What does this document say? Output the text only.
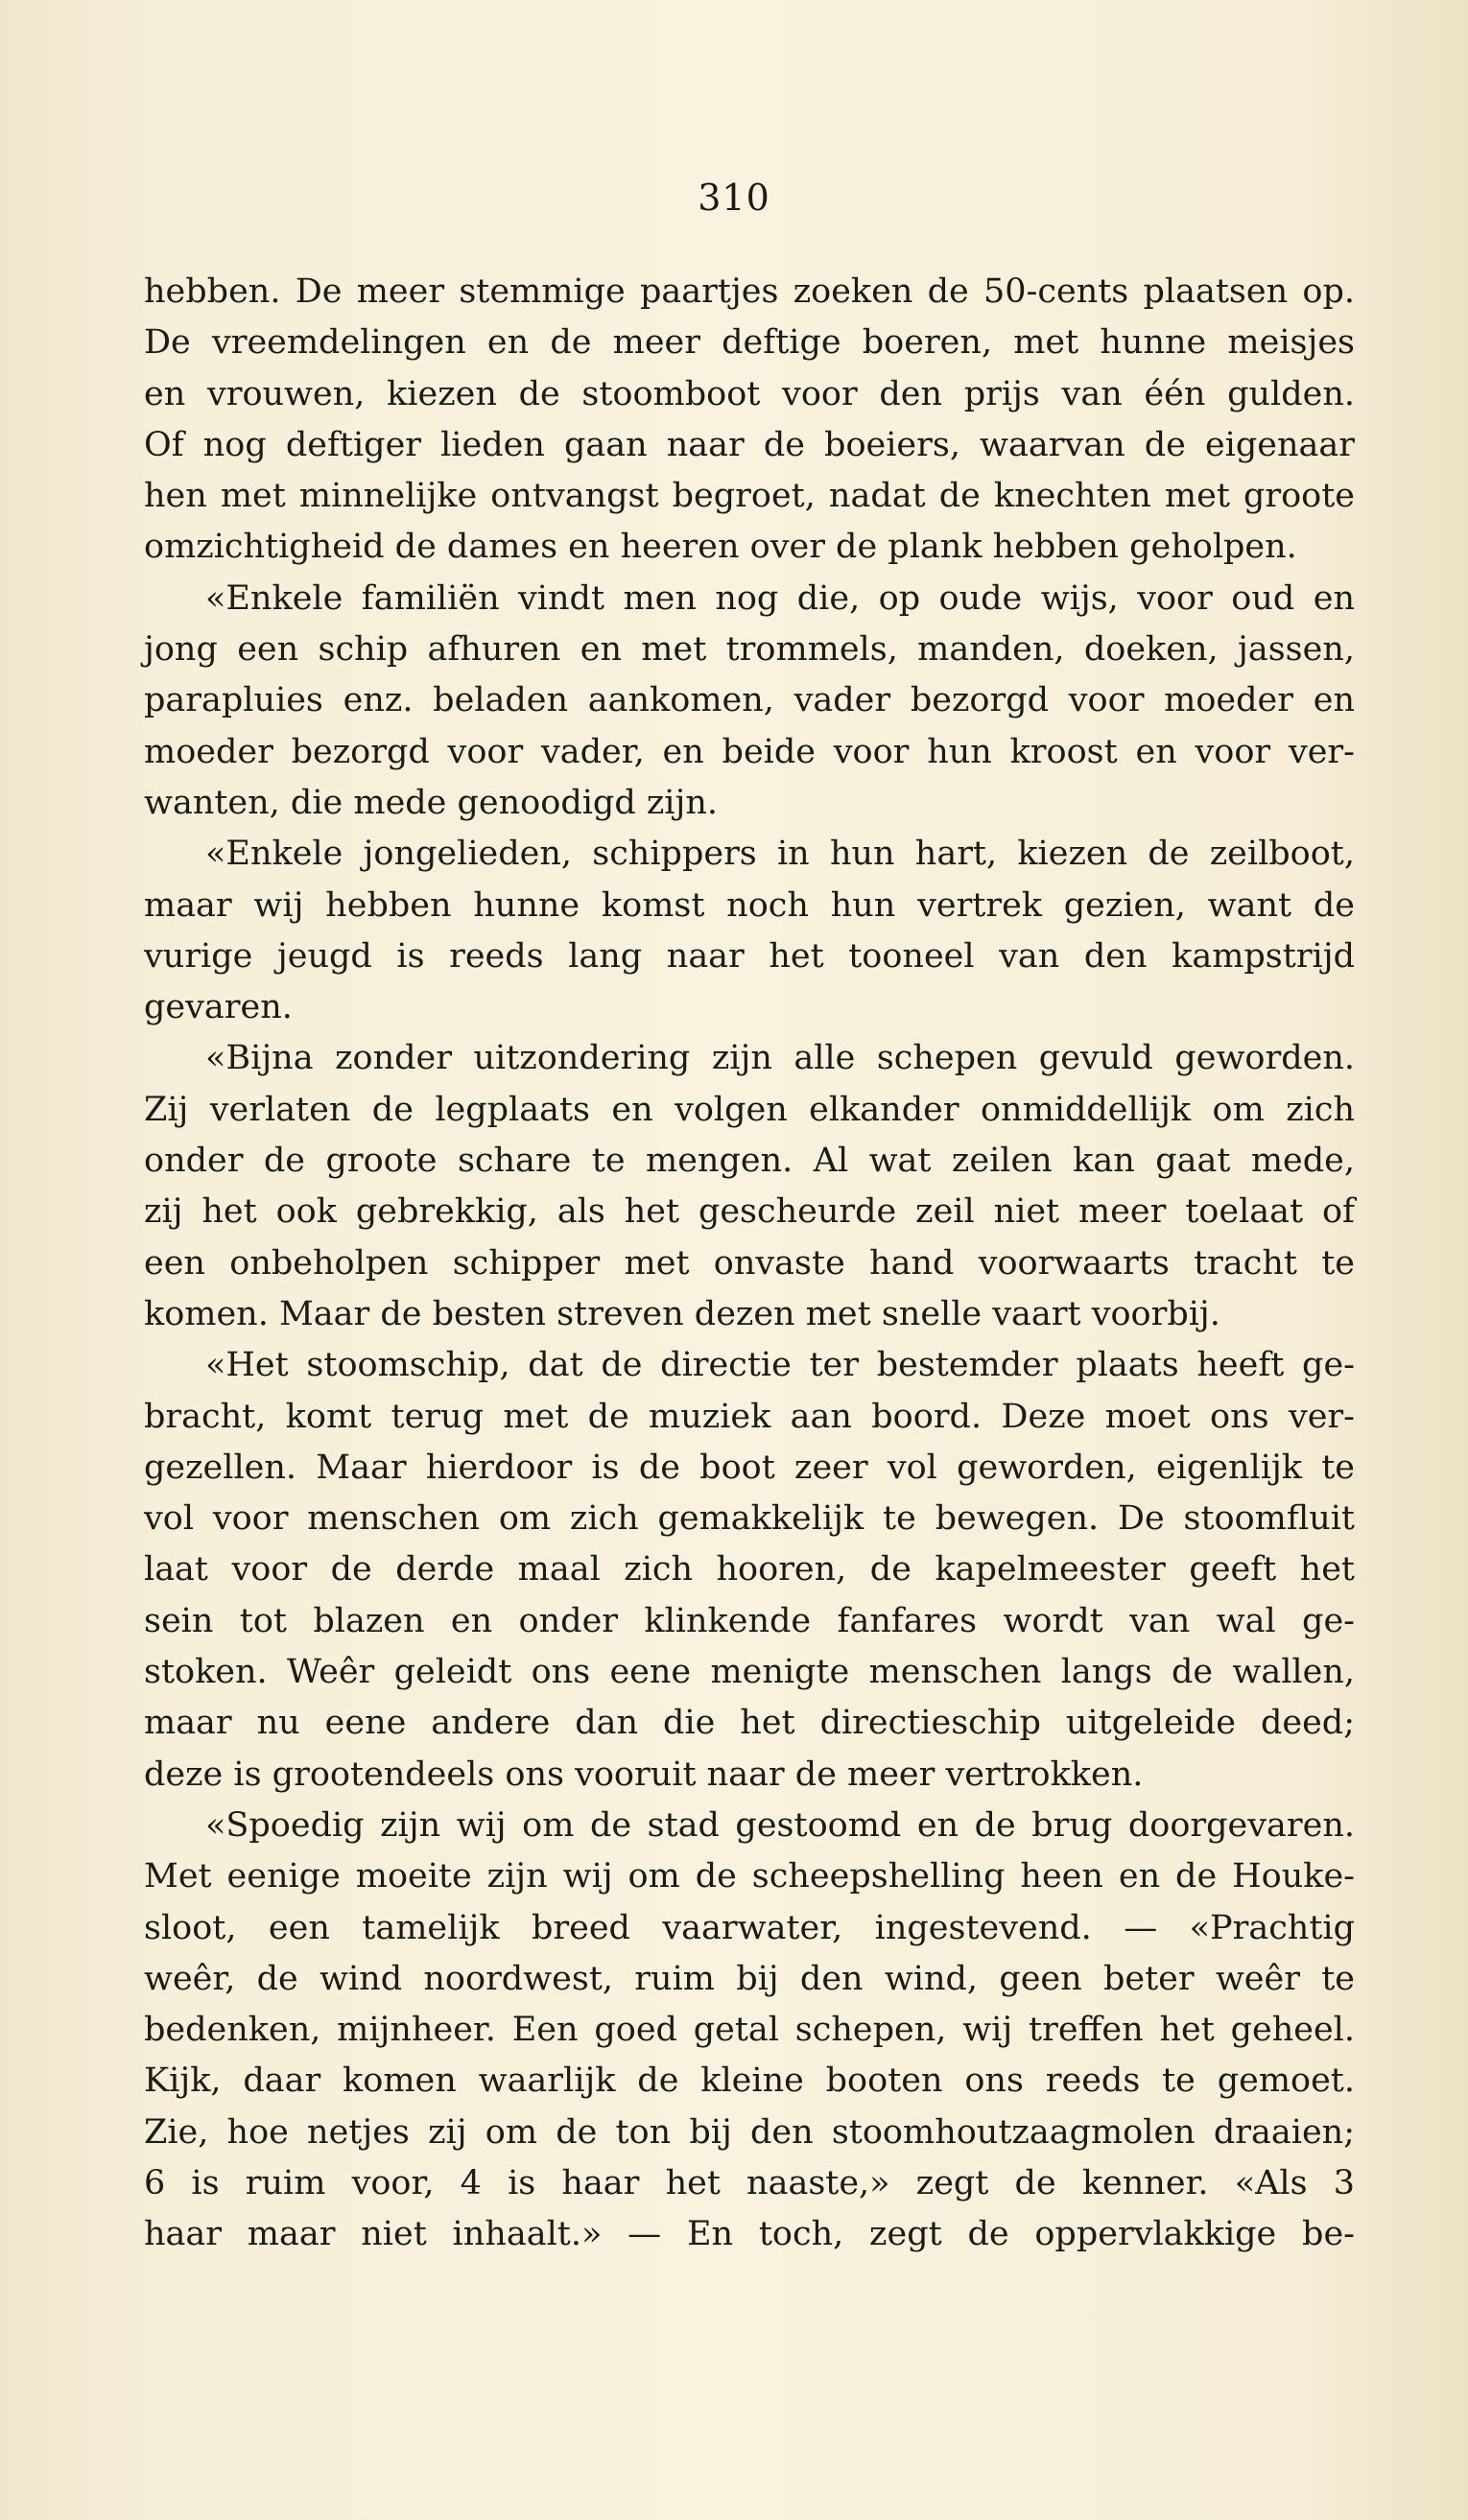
310
hebben. De meer stemmige paartjes zoeken de 50-cents plaatsen op.
De vreemdelingen en de meer deftige boeren, met hunne meisjes
en vrouwen, kiezen de stoomboot voor den prijs van één gulden.
Of nog deftiger lieden gaan naar de boeiers, waarvan de eigenaar
hen met minnelijke ontvangst begroet, nadat de knechten met groote
omzichtigheid de dames en heeren over de plank hebben geholpen.
«Enkele familiën vindt men nog die, op oude wijs, voor oud en
jong een schip afhuren en met trommels, manden, doeken, jassen,
parapluies enz. beladen aankomen, vader bezorgd voor moeder en
moeder bezorgd voor vader, en beide voor hun kroost en voor ver-
wanten, die mede genoodigd zijn.
«Enkele jongelieden, schippers in hun hart, kiezen de zeilboot,
maar wij hebben hunne komst noch hun vertrek gezien, want de
vurige jeugd is reeds lang naar het tooneel van den kampstrijd
gevaren.
«Bijna zonder uitzondering zijn alle schepen gevuld geworden.
Zij verlaten de legplaats en volgen elkander onmiddellijk om zich
onder de groote schare te mengen. Al wat zeilen kan gaat mede,
zij het ook gebrekkig, als het gescheurde zeil niet meer toelaat of
een onbeholpen schipper met onvaste hand voorwaarts tracht te
komen. Maar de besten streven dezen met snelle vaart voorbij.
«Het stoomschip, dat de directie ter bestemder plaats heeft ge-
bracht, komt terug met de muziek aan boord. Deze moet ons ver-
gezellen. Maar hierdoor is de boot zeer vol geworden, eigenlijk te
vol voor menschen om zich gemakkelijk te bewegen. De stoomfluit
laat voor de derde maal zich hooren, de kapelmeester geeft het
sein tot blazen en onder klinkende fanfares wordt van wal ge-
stoken. Weêr geleidt ons eene menigte menschen langs de wallen,
maar nu eene andere dan die het directieschip uitgeleide deed;
deze is grootendeels ons vooruit naar de meer vertrokken.
«Spoedig zijn wij om de stad gestoomd en de brug doorgevaren.
Met eenige moeite zijn wij om de scheepshelling heen en de Houke-
sloot, een tamelijk breed vaarwater, ingestevend. — «Prachtig
weêr, de wind noordwest, ruim bij den wind, geen beter weêr te
bedenken, mijnheer. Een goed getal schepen, wij treffen het geheel.
Kijk, daar komen waarlijk de kleine booten ons reeds te gemoet.
Zie, hoe netjes zij om de ton bij den stoomhoutzaagmolen draaien;
6 is ruim voor, 4 is haar het naaste,» zegt de kenner. «Als 3
haar maar niet inhaalt.» — En toch, zegt de oppervlakkige be-
